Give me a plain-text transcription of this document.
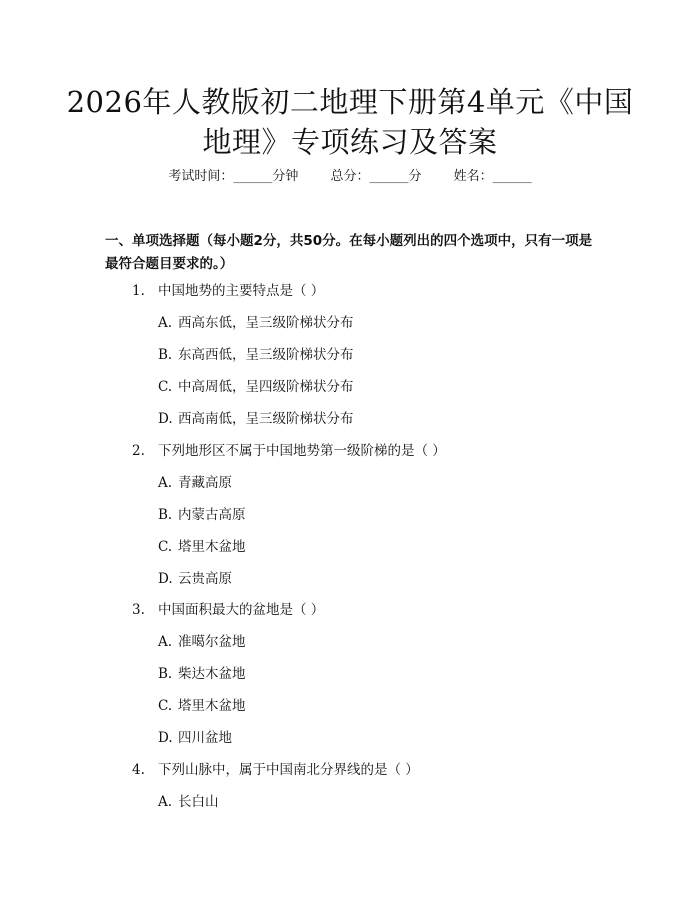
2026年人教版初二地理下册第4单元《中国
地理》专项练习及答案
考试时间：______分钟 总分：______分 姓名：______
一、单项选择题（每小题2分，共50分。在每小题列出的四个选项中，只有一项是最符合题目要求的。）
1. 中国地势的主要特点是（ ）
A. 西高东低，呈三级阶梯状分布
B. 东高西低，呈三级阶梯状分布
C. 中高周低，呈四级阶梯状分布
D. 西高南低，呈三级阶梯状分布
2. 下列地形区不属于中国地势第一级阶梯的是（ ）
A. 青藏高原
B. 内蒙古高原
C. 塔里木盆地
D. 云贵高原
3. 中国面积最大的盆地是（ ）
A. 准噶尔盆地
B. 柴达木盆地
C. 塔里木盆地
D. 四川盆地
4. 下列山脉中，属于中国南北分界线的是（ ）
A. 长白山
